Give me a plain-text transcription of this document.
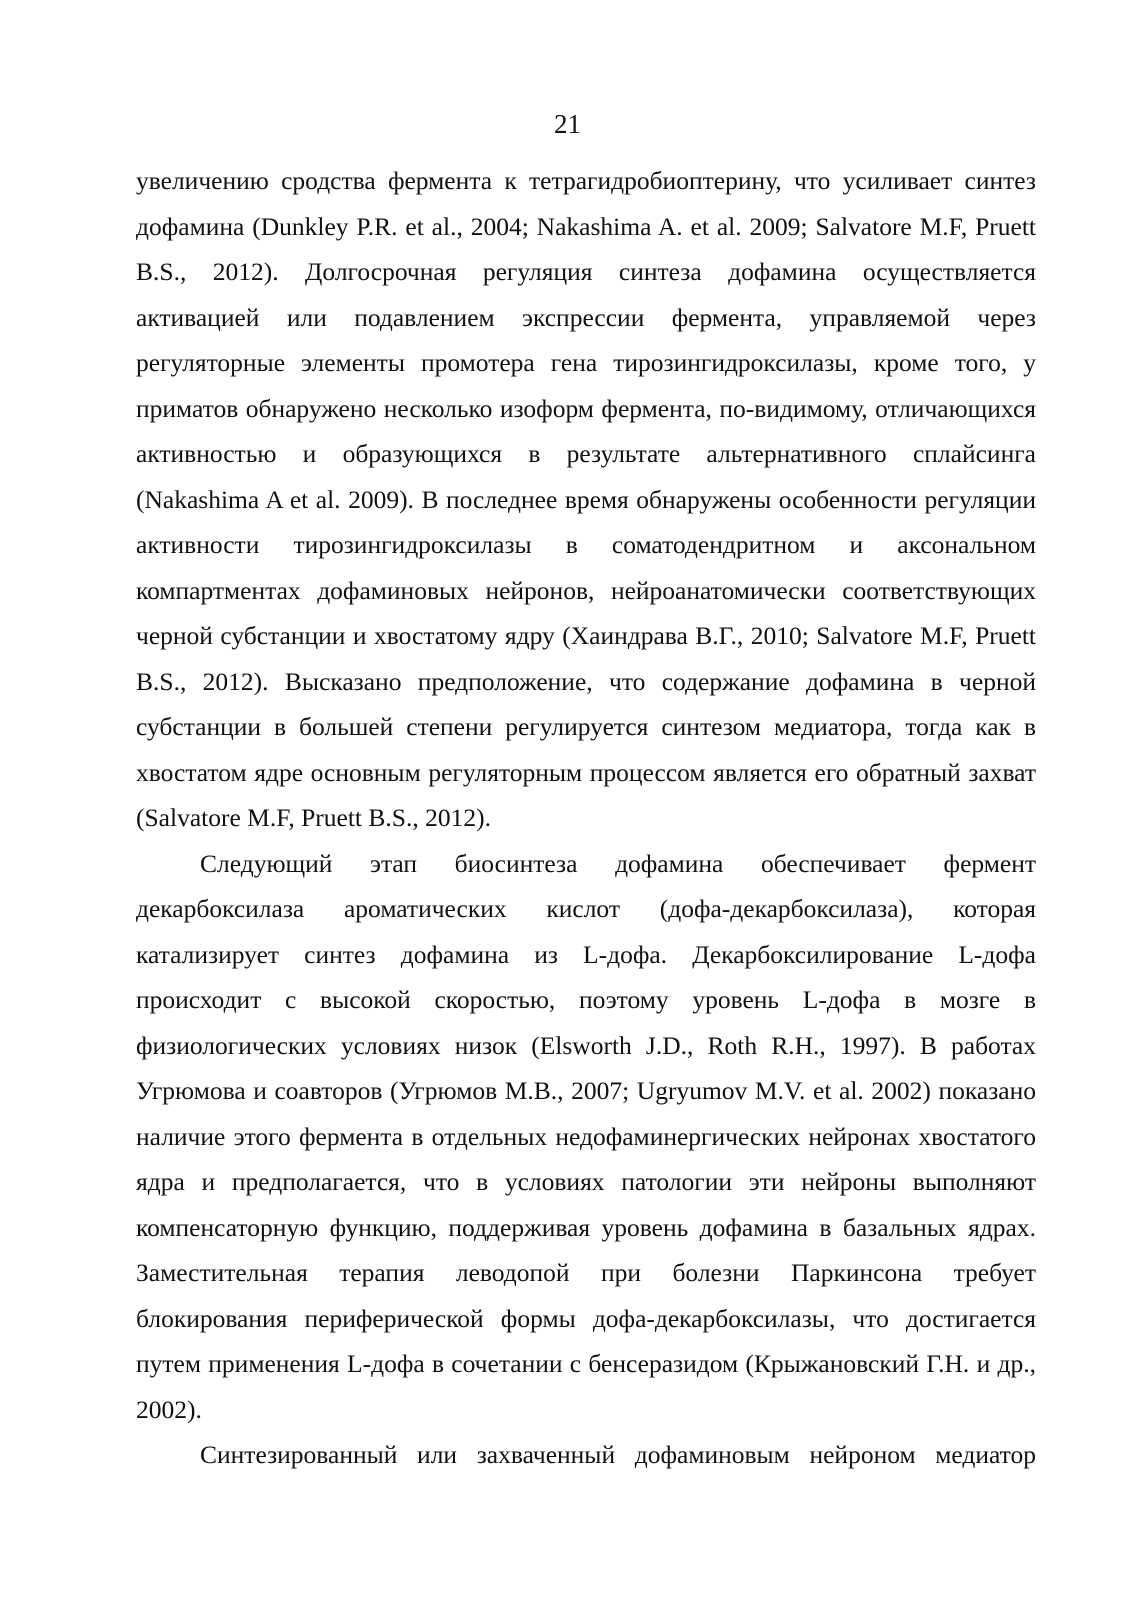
21

увеличению сродства фермента к тетрагидробиоптерину, что усиливает синтез дофамина (Dunkley P.R. et al., 2004; Nakashima A. et al. 2009; Salvatore M.F, Pruett B.S., 2012). Долгосрочная регуляция синтеза дофамина осуществляется активацией или подавлением экспрессии фермента, управляемой через регуляторные элементы промотера гена тирозингидроксилазы, кроме того, у приматов обнаружено несколько изоформ фермента, по-видимому, отличающихся активностью и образующихся в результате альтернативного сплайсинга (Nakashima A et al. 2009). В последнее время обнаружены особенности регуляции активности тирозингидроксилазы в соматодендритном и аксональном компартментах дофаминовых нейронов, нейроанатомически соответствующих черной субстанции и хвостатому ядру (Хаиндрава В.Г., 2010; Salvatore M.F, Pruett B.S., 2012). Высказано предположение, что содержание дофамина в черной субстанции в большей степени регулируется синтезом медиатора, тогда как в хвостатом ядре основным регуляторным процессом является его обратный захват (Salvatore M.F, Pruett B.S., 2012).

Следующий этап биосинтеза дофамина обеспечивает фермент декарбоксилаза ароматических кислот (дофа-декарбоксилаза), которая катализирует синтез дофамина из L-дофа. Декарбоксилирование L-дофа происходит с высокой скоростью, поэтому уровень L-дофа в мозге в физиологических условиях низок (Elsworth J.D., Roth R.H., 1997). В работах Угрюмова и соавторов (Угрюмов М.В., 2007; Ugryumov M.V. et al. 2002) показано наличие этого фермента в отдельных недофаминергических нейронах хвостатого ядра и предполагается, что в условиях патологии эти нейроны выполняют компенсаторную функцию, поддерживая уровень дофамина в базальных ядрах. Заместительная терапия леводопой при болезни Паркинсона требует блокирования периферической формы дофа-декарбоксилазы, что достигается путем применения L-дофа в сочетании с бенсеразидом (Крыжановский Г.Н. и др., 2002).

Синтезированный или захваченный дофаминовым нейроном медиатор
